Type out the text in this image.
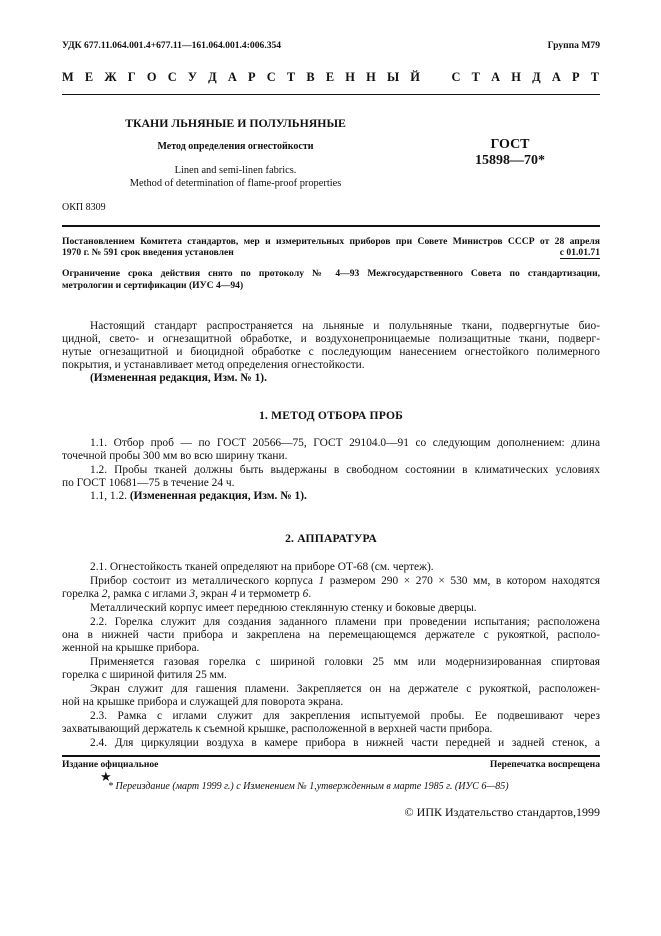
УДК 677.11.064.001.4+677.11—161.064.001.4:006.354	Группа М79
М Е Ж Г О С У Д А Р С Т В Е Н Н Ы Й   С Т А Н Д А Р Т
ТКАНИ ЛЬНЯНЫЕ И ПОЛУЛЬНЯНЫЕ
Метод определения огнестойкости
Linen and semi-linen fabrics.
Method of determination of flame-proof properties
ГОСТ
15898—70*
ОКП 8309
Постановлением Комитета стандартов, мер и измерительных приборов при Совете Министров СССР от 28 апреля
1970 г. № 591 срок введения установлен	с 01.01.71
Ограничение срока действия снято по протоколу № 4—93 Межгосударственного Совета по стандартизации,
метрологии и сертификации (ИУС 4—94)
Настоящий стандарт распространяется на льняные и полульняные ткани, подвергнутые био-
цидной, свето- и огнезащитной обработке, и воздухонепроницаемые полизащитные ткани, подверг-
нутые огнезащитной и биоцидной обработке с последующим нанесением огнестойкого полимерного
покрытия, и устанавливает метод определения огнестойкости.
(Измененная редакция, Изм. № 1).
1. МЕТОД ОТБОРА ПРОБ
1.1. Отбор проб — по ГОСТ 20566—75, ГОСТ 29104.0—91 со следующим дополнением: длина
точечной пробы 300 мм во всю ширину ткани.
1.2. Пробы тканей должны быть выдержаны в свободном состоянии в климатических условиях
по ГОСТ 10681—75 в течение 24 ч.
1.1, 1.2. (Измененная редакция, Изм. № 1).
2. АППАРАТУРА
2.1. Огнестойкость тканей определяют на приборе ОТ-68 (см. чертеж).
Прибор состоит из металлического корпуса 1 размером 290 × 270 × 530 мм, в котором находятся
горелка 2, рамка с иглами 3, экран 4 и термометр 6.
Металлический корпус имеет переднюю стеклянную стенку и боковые дверцы.
2.2. Горелка служит для создания заданного пламени при проведении испытания; расположена
она в нижней части прибора и закреплена на перемещающемся держателе с рукояткой, располо-
женной на крышке прибора.
Применяется газовая горелка с шириной головки 25 мм или модернизированная спиртовая
горелка с шириной фитиля 25 мм.
Экран служит для гашения пламени. Закрепляется он на держателе с рукояткой, расположен-
ной на крышке прибора и служащей для поворота экрана.
2.3. Рамка с иглами служит для закрепления испытуемой пробы. Ее подвешивают через
захватывающий держатель к съемной крышке, расположенной в верхней части прибора.
2.4. Для циркуляции воздуха в камере прибора в нижней части передней и задней стенок, а
Издание официальное	Перепечатка воспрещена
★
* Переиздание (март 1999 г.) с Изменением № 1,утвержденным в марте 1985 г. (ИУС 6—85)
© ИПК Издательство стандартов,1999
